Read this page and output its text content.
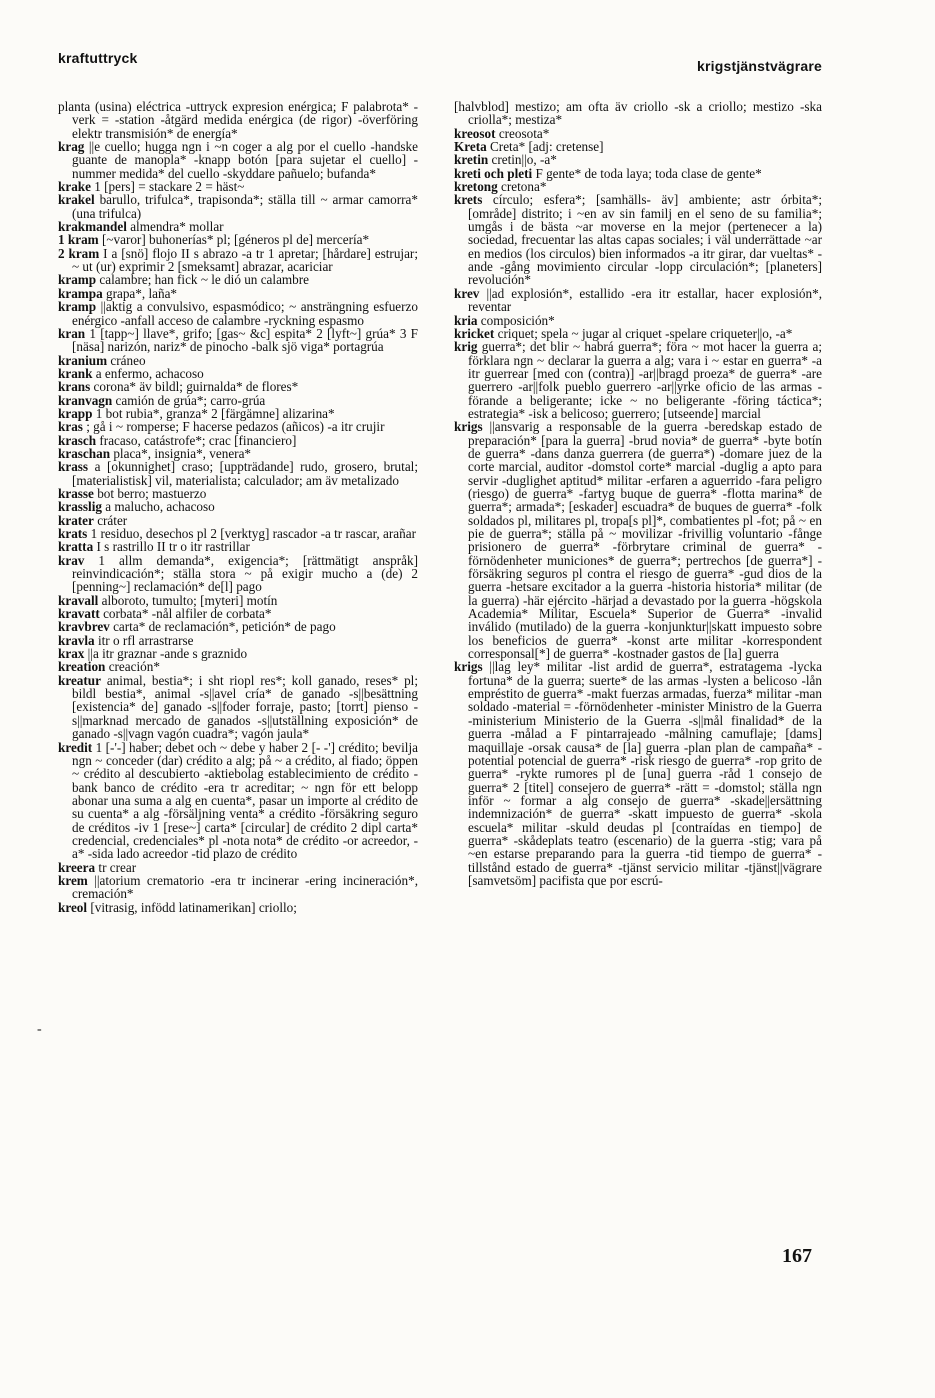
kraftuttryck	krigstjänstvägrare
-

planta (usina) eléctrica -uttryck expresion enérgica; F palabrota* -verk = -station -åtgärd medida enérgica (de rigor) -överföring elektr transmisión* de energía*

krag ||e cuello; hugga ngn i ~n coger a alg por el cuello -handske guante de manopla* -knapp botón [para sujetar el cuello] -nummer medida* del cuello -skyddare pañuelo; bufanda*

krake 1 [pers] = stackare 2 = häst~

krakel barullo, trifulca*, trapisonda*; ställa till ~ armar camorra* (una trifulca)

krakmandel almendra* mollar

1 kram [~varor] buhonerías* pl; [géneros pl de] mercería*

2 kram I a [snö] flojo II s abrazo -a tr 1 apretar; [hårdare] estrujar; ~ ut (ur) exprimir 2 [smeksamt] abrazar, acariciar

kramp calambre; han fick ~ le dió un calambre

krampa grapa*, laña*

kramp ||aktig a convulsivo, espasmódico; ~ ansträngning esfuerzo enérgico -anfall acceso de calambre -ryckning espasmo

kran 1 [tapp~] llave*, grifo; [gas~ &c] espita* 2 [lyft~] grúa* 3 F [näsa] narizón, nariz* de pinocho -balk sjö viga* portagrúa

kranium cráneo

krank a enfermo, achacoso

krans corona* äv bildl; guirnalda* de flores*

kranvagn camión de grúa*; carro-grúa

krapp 1 bot rubia*, granza* 2 [färgämne] alizarina*

kras ; gå i ~ romperse; F hacerse pedazos (añicos) -a itr crujir

krasch fracaso, catástrofe*; crac [financiero]

kraschan placa*, insignia*, venera*

krass a [okunnighet] craso; [uppträdande] rudo, grosero, brutal; [materialistisk] vil, materialista; calculador; am äv metalizado

krasse bot berro; mastuerzo

krasslig a malucho, achacoso

krater cráter

krats 1 residuo, desechos pl 2 [verktyg] rascador -a tr rascar, arañar

kratta I s rastrillo II tr o itr rastrillar

krav 1 allm demanda*, exigencia*; [rättmätigt anspråk] reinvindicación*; ställa stora ~ på exigir mucho a (de) 2 [penning~] reclamación* de[l] pago

kravall alboroto, tumulto; [myteri] motín

kravatt corbata* -nål alfiler de corbata*

kravbrev carta* de reclamación*, petición* de pago

kravla itr o rfl arrastrarse

krax ||a itr graznar -ande s graznido

kreation creación*

kreatur animal, bestia*; i sht riopl res*; koll ganado, reses* pl; bildl bestia*, animal -s||avel cría* de ganado -s||besättning [existencia* de] ganado -s||foder forraje, pasto; [torrt] pienso -s||marknad mercado de ganados -s||utställning exposición* de ganado -s||vagn vagón cuadra*; vagón jaula*

kredit 1 [-'-] haber; debet och ~ debe y haber 2 [- -'] crédito; bevilja ngn ~ conceder (dar) crédito a alg; på ~ a crédito, al fiado; öppen ~ crédito al descubierto -aktiebolag establecimiento de crédito -bank banco de crédito -era tr acreditar; ~ ngn för ett belopp abonar una suma a alg en cuenta*, pasar un importe al crédito de su cuenta* a alg -försäljning venta* a crédito -försäkring seguro de créditos -iv 1 [rese~] carta* [circular] de crédito 2 dipl carta* credencial, credenciales* pl -nota nota* de crédito -or acreedor, -a* -sida lado acreedor -tid plazo de crédito

kreera tr crear

krem ||atorium crematorio -era tr incinerar -ering incineración*, cremación*

kreol [vitrasig, infödd latinamerikan] criollo;

[halvblod] mestizo; am ofta äv criollo -sk a criollo; mestizo -ska criolla*; mestiza*

kreosot creosota*

Kreta Creta* [adj: cretense]

kretin cretin||o, -a*

kreti och pleti F gente* de toda laya; toda clase de gente*

kretong cretona*

krets círculo; esfera*; [samhälls- äv] ambiente; astr órbita*; [område] distrito; i ~en av sin familj en el seno de su familia*; umgås i de bästa ~ar moverse en la mejor (pertenecer a la) sociedad, frecuentar las altas capas sociales; i väl underrättade ~ar en medios (los circulos) bien informados -a itr girar, dar vueltas* -ande -gång movimiento circular -lopp circulación*; [planeters] revolución*

krev ||ad explosión*, estallido -era itr estallar, hacer explosión*, reventar

kria composición*

kricket criquet; spela ~ jugar al criquet -spelare criqueter||o, -a*

krig guerra*; det blir ~ habrá guerra*; föra ~ mot hacer la guerra a; förklara ngn ~ declarar la guerra a alg; vara i ~ estar en guerra* -a itr guerrear [med con (contra)] -ar||bragd proeza* de guerra* -are guerrero -ar||folk pueblo guerrero -ar||yrke oficio de las armas -förande a beligerante; icke ~ no beligerante -föring táctica*; estrategia* -isk a belicoso; guerrero; [utseende] marcial

krigs ||ansvarig a responsable de la guerra -beredskap estado de preparación* [para la guerra] -brud novia* de guerra* -byte botín de guerra* -dans danza guerrera (de guerra*) -domare juez de la corte marcial, auditor -domstol corte* marcial -duglig a apto para servir -duglighet aptitud* militar -erfaren a aguerrido -fara peligro (riesgo) de guerra* -fartyg buque de guerra* -flotta marina* de guerra*; armada*; [eskader] escuadra* de buques de guerra* -folk soldados pl, militares pl, tropa[s pl]*, combatientes pl -fot; på ~ en pie de guerra*; ställa på ~ movilizar -frivillig voluntario -fånge prisionero de guerra* -förbrytare criminal de guerra* -förnödenheter municiones* de guerra*; pertrechos [de guerra*] -försäkring seguros pl contra el riesgo de guerra* -gud dios de la guerra -hetsare excitador a la guerra -historia historia* militar (de la guerra) -här ejército -härjad a devastado por la guerra -högskola Academia* Militar, Escuela* Superior de Guerra* -invalid inválido (mutilado) de la guerra -konjunktur||skatt impuesto sobre los beneficios de guerra* -konst arte militar -korrespondent corresponsal[*] de guerra* -kostnader gastos de [la] guerra

krigs ||lag ley* militar -list ardid de guerra*, estratagema -lycka fortuna* de la guerra; suerte* de las armas -lysten a belicoso -lån empréstito de guerra* -makt fuerzas armadas, fuerza* militar -man soldado -material = -förnödenheter -minister Ministro de la Guerra -ministerium Ministerio de la Guerra -s||mål finalidad* de la guerra -målad a F pintarrajeado -målning camuflaje; [dams] maquillaje -orsak causa* de [la] guerra -plan plan de campaña* -potential potencial de guerra* -risk riesgo de guerra* -rop grito de guerra* -rykte rumores pl de [una] guerra -råd 1 consejo de guerra* 2 [titel] consejero de guerra* -rätt = -domstol; ställa ngn inför ~ formar a alg consejo de guerra* -skade||ersättning indemnización* de guerra* -skatt impuesto de guerra* -skola escuela* militar -skuld deudas pl [contraídas en tiempo] de guerra* -skådeplats teatro (escenario) de la guerra -stig; vara på ~en estarse preparando para la guerra -tid tiempo de guerra* -tillstånd estado de guerra* -tjänst servicio militar -tjänst||vägrare [samvetsöm] pacifista que por escrú-

167
